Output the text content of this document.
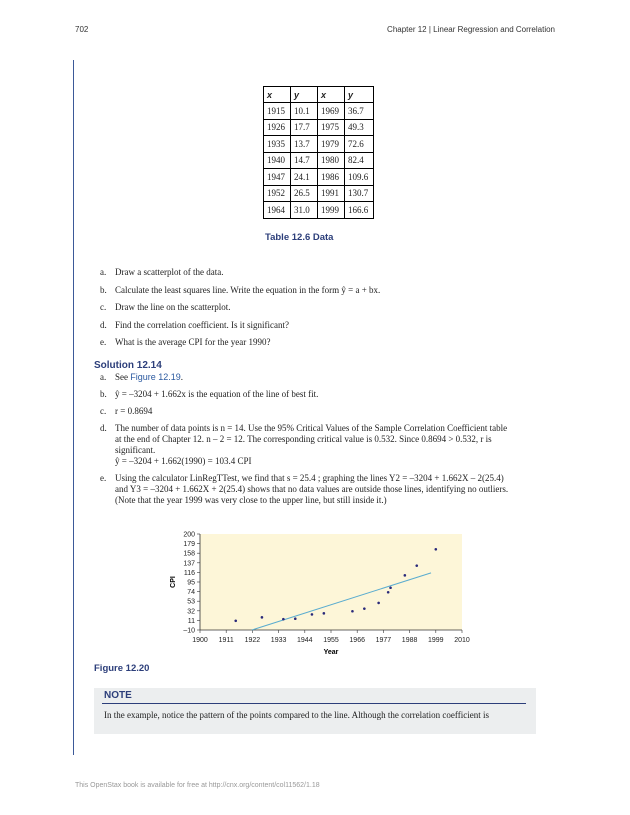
702	Chapter 12 | Linear Regression and Correlation
x	y	x	y
1915	10.1	1969	36.7
1926	17.7	1975	49.3
1935	13.7	1979	72.6
1940	14.7	1980	82.4
1947	24.1	1986	109.6
1952	26.5	1991	130.7
1964	31.0	1999	166.6
Table 12.6 Data
a. Draw a scatterplot of the data.
b. Calculate the least squares line. Write the equation in the form ŷ = a + bx.
c. Draw the line on the scatterplot.
d. Find the correlation coefficient. Is it significant?
e. What is the average CPI for the year 1990?
Solution 12.14
a. See Figure 12.19.
b. ŷ = –3204 + 1.662x is the equation of the line of best fit.
c. r = 0.8694
d. The number of data points is n = 14. Use the 95% Critical Values of the Sample Correlation Coefficient table
at the end of Chapter 12. n – 2 = 12. The corresponding critical value is 0.532. Since 0.8694 > 0.532, r is
significant.
ŷ = –3204 + 1.662(1990) = 103.4 CPI
e. Using the calculator LinRegTTest, we find that s = 25.4 ; graphing the lines Y2 = –3204 + 1.662X – 2(25.4)
and Y3 = –3204 + 1.662X + 2(25.4) shows that no data values are outside those lines, identifying no outliers.
(Note that the year 1999 was very close to the upper line, but still inside it.)
–10
11
32
53
74
95
116
137
158
179
200
1900 1911 1922 1933 1944 1955 1966 1977 1988 1999 2010
CPI
Year
Figure 12.20
NOTE
In the example, notice the pattern of the points compared to the line. Although the correlation coefficient is
This OpenStax book is available for free at http://cnx.org/content/col11562/1.18
